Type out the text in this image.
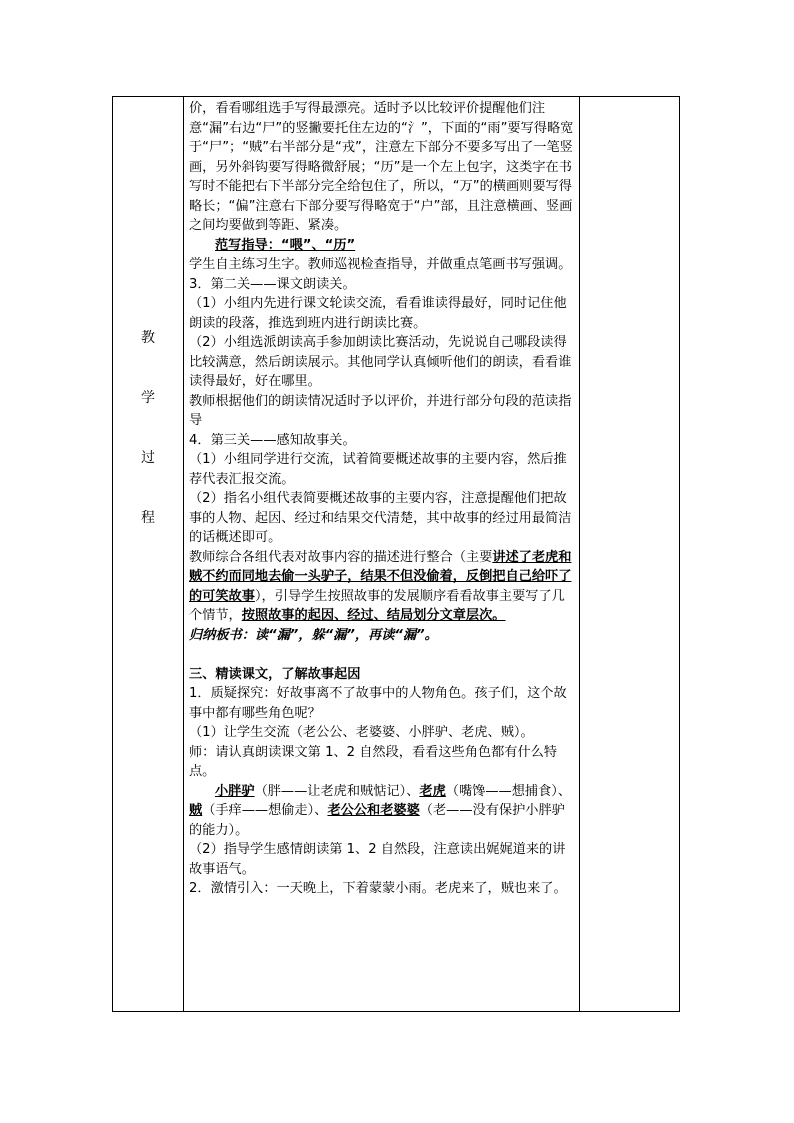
教
学
过
程

价，看看哪组选手写得最漂亮。适时予以比较评价提醒他们注意“漏”右边“尸”的竖撇要托住左边的“氵”，下面的“雨”要写得略宽于“尸”；“贼”右半部分是“戎”，注意左下部分不要多写出了一笔竖画，另外斜钩要写得略微舒展；“历”是一个左上包字，这类字在书写时不能把右下半部分完全给包住了，所以，“万”的横画则要写得略长；“偏”注意右下部分要写得略宽于“户”部，且注意横画、竖画之间均要做到等距、紧凑。

范写指导：“喂”、“历”

学生自主练习生字。教师巡视检查指导，并做重点笔画书写强调。

3．第二关——课文朗读关。

（1）小组内先进行课文轮读交流，看看谁读得最好，同时记住他朗读的段落，推选到班内进行朗读比赛。

（2）小组选派朗读高手参加朗读比赛活动，先说说自己哪段读得比较满意，然后朗读展示。其他同学认真倾听他们的朗读，看看谁读得最好，好在哪里。

教师根据他们的朗读情况适时予以评价，并进行部分句段的范读指导

4．第三关——感知故事关。

（1）小组同学进行交流，试着简要概述故事的主要内容，然后推荐代表汇报交流。

（2）指名小组代表简要概述故事的主要内容，注意提醒他们把故事的人物、起因、经过和结果交代清楚，其中故事的经过用最简洁的话概述即可。

教师综合各组代表对故事内容的描述进行整合（主要讲述了老虎和贼不约而同地去偷一头驴子，结果不但没偷着，反倒把自己给吓了的可笑故事），引导学生按照故事的发展顺序看看故事主要写了几个情节，按照故事的起因、经过、结局划分文章层次。

归纳板书：读“漏”，躲“漏”，再读“漏”。

三、精读课文，了解故事起因

1．质疑探究：好故事离不了故事中的人物角色。孩子们，这个故事中都有哪些角色呢？

（1）让学生交流（老公公、老婆婆、小胖驴、老虎、贼）。

师：请认真朗读课文第 1、2 自然段，看看这些角色都有什么特点。

小胖驴（胖——让老虎和贼惦记）、老虎（嘴馋——想捕食）、贼（手痒——想偷走）、老公公和老婆婆（老——没有保护小胖驴的能力）。

（2）指导学生感情朗读第 1、2 自然段，注意读出娓娓道来的讲故事语气。

2．激情引入：一天晚上，下着蒙蒙小雨。老虎来了，贼也来了。
